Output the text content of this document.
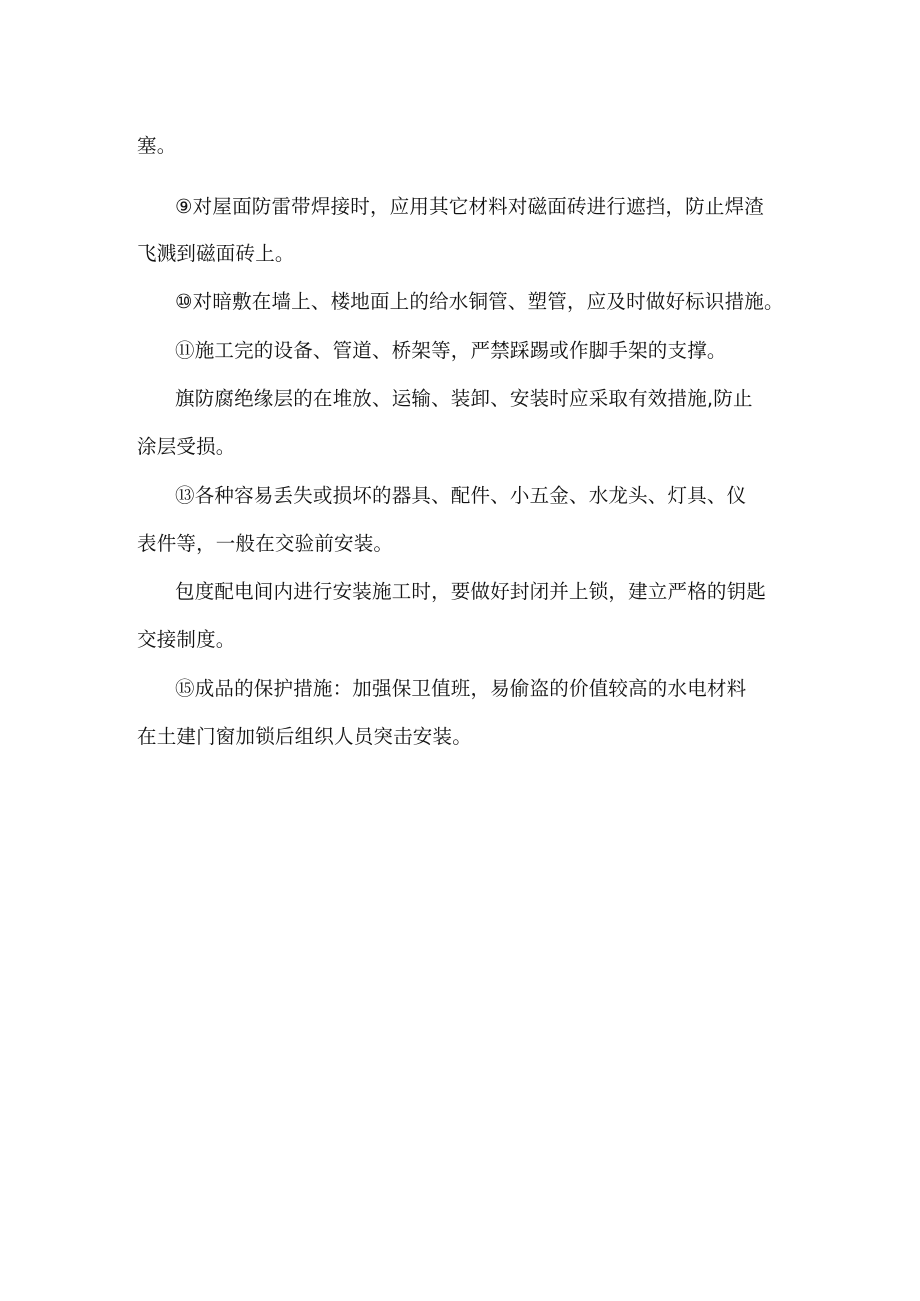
塞。
⑨对屋面防雷带焊接时，应用其它材料对磁面砖进行遮挡，防止焊渣
飞溅到磁面砖上。
⑩对暗敷在墙上、楼地面上的给水铜管、塑管，应及时做好标识措施。
⑪施工完的设备、管道、桥架等，严禁踩踢或作脚手架的支撑。
旗防腐绝缘层的在堆放、运输、装卸、安装时应采取有效措施,防止
涂层受损。
⑬各种容易丢失或损坏的器具、配件、小五金、水龙头、灯具、仪
表件等，一般在交验前安装。
包度配电间内进行安装施工时，要做好封闭并上锁，建立严格的钥匙
交接制度。
⑮成品的保护措施：加强保卫值班，易偷盗的价值较高的水电材料
在土建门窗加锁后组织人员突击安装。
